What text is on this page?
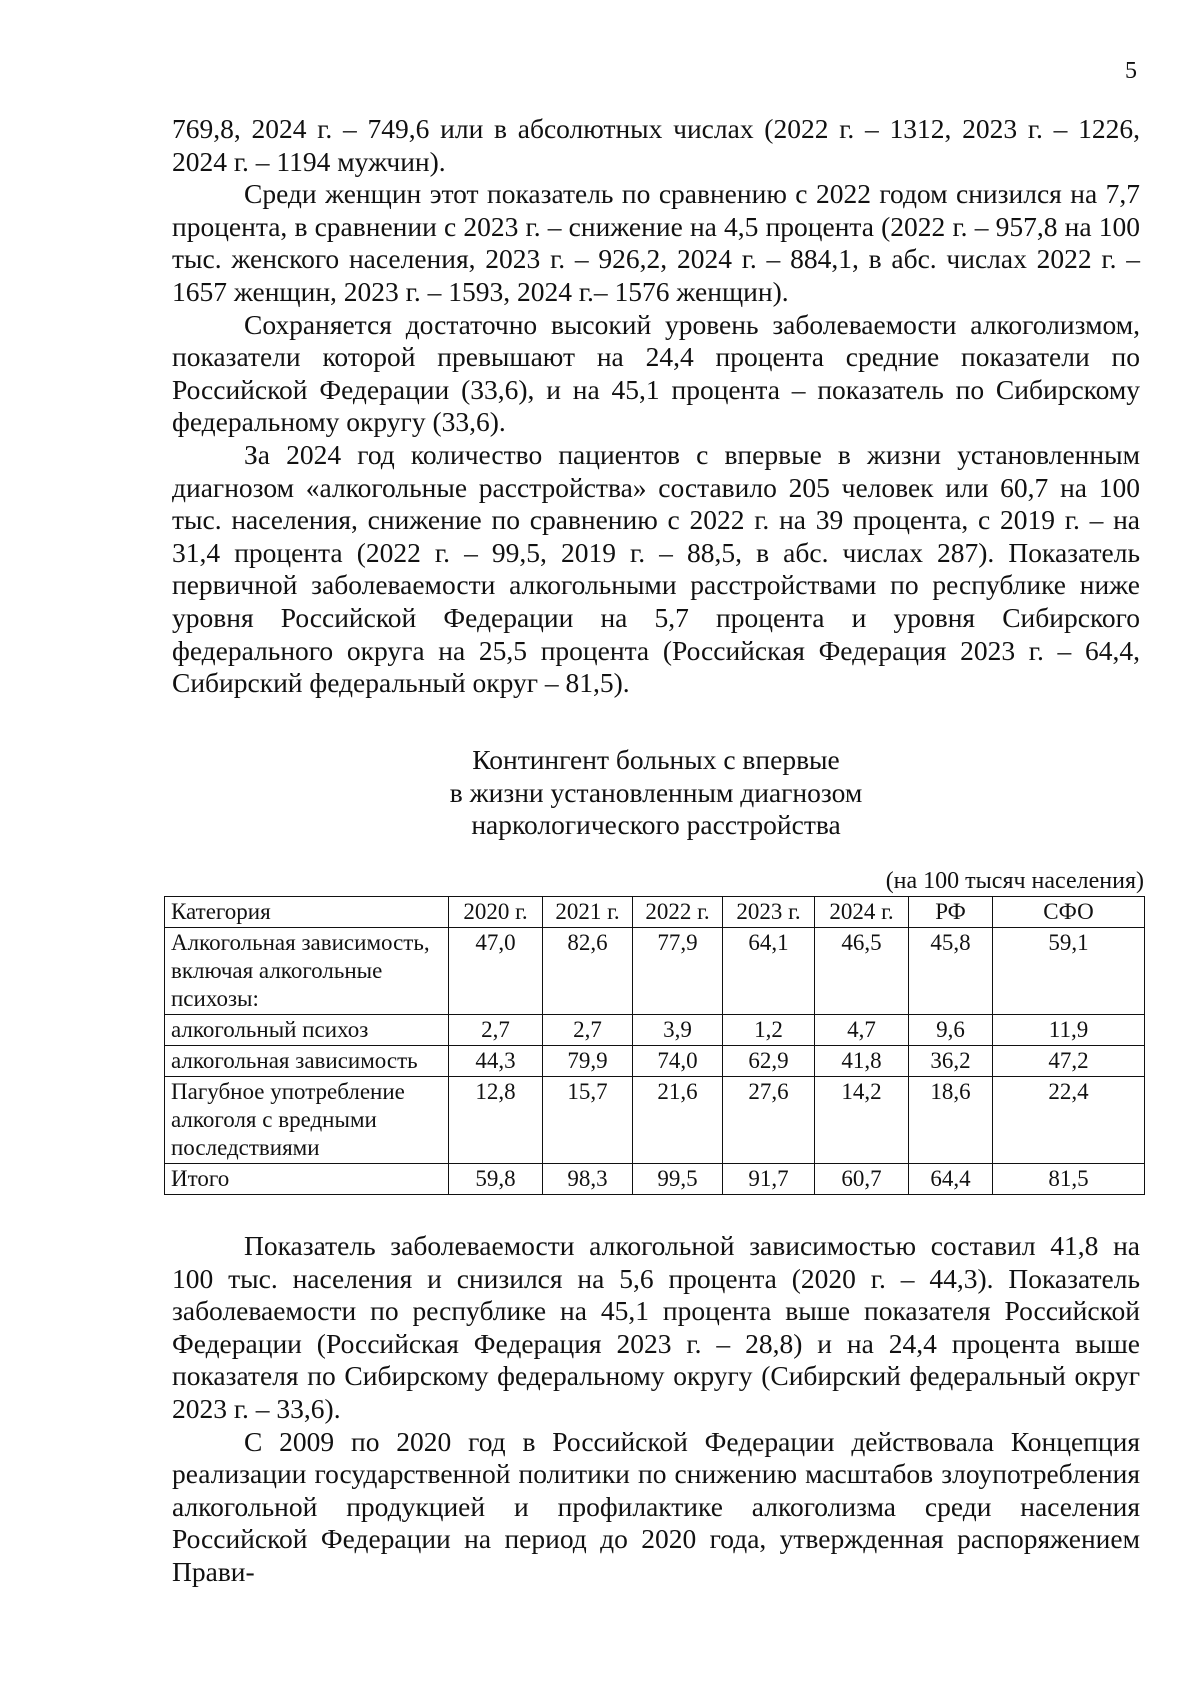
5

769,8, 2024 г. – 749,6 или в абсолютных числах (2022 г. – 1312, 2023 г. – 1226, 2024 г. – 1194 мужчин).

Среди женщин этот показатель по сравнению с 2022 годом снизился на 7,7 процента, в сравнении с 2023 г. – снижение на 4,5 процента (2022 г. – 957,8 на 100 тыс. женского населения, 2023 г. – 926,2, 2024 г. – 884,1, в абс. числах 2022 г. – 1657 женщин, 2023 г. – 1593, 2024 г.– 1576 женщин).

Сохраняется достаточно высокий уровень заболеваемости алкоголизмом, показатели которой превышают на 24,4 процента средние показатели по Российской Федерации (33,6), и на 45,1 процента – показатель по Сибирскому федеральному округу (33,6).

За 2024 год количество пациентов с впервые в жизни установленным диагнозом «алкогольные расстройства» составило 205 человек или 60,7 на 100 тыс. населения, снижение по сравнению с 2022 г. на 39 процента, с 2019 г. – на 31,4 процента (2022 г. – 99,5, 2019 г. – 88,5, в абс. числах 287). Показатель первичной заболеваемости алкогольными расстройствами по республике ниже уровня Российской Федерации на 5,7 процента и уровня Сибирского федерального округа на 25,5 процента (Российская Федерация 2023 г. – 64,4, Сибирский федеральный округ – 81,5).

Контингент больных с впервые
в жизни установленным диагнозом
наркологического расстройства
(на 100 тысяч населения)
Категория	2020 г.	2021 г.	2022 г.	2023 г.	2024 г.	РФ	СФО
Алкогольная зависимость, включая алкогольные психозы:	47,0	82,6	77,9	64,1	46,5	45,8	59,1
алкогольный психоз	2,7	2,7	3,9	1,2	4,7	9,6	11,9
алкогольная зависимость	44,3	79,9	74,0	62,9	41,8	36,2	47,2
Пагубное употребление алкоголя с вредными последствиями	12,8	15,7	21,6	27,6	14,2	18,6	22,4
Итого	59,8	98,3	99,5	91,7	60,7	64,4	81,5

Показатель заболеваемости алкогольной зависимостью составил 41,8 на 100 тыс. населения и снизился на 5,6 процента (2020 г. – 44,3). Показатель заболеваемости по республике на 45,1 процента выше показателя Российской Федерации (Российская Федерация 2023 г. – 28,8) и на 24,4 процента выше показателя по Сибирскому федеральному округу (Сибирский федеральный округ 2023 г. – 33,6).

С 2009 по 2020 год в Российской Федерации действовала Концепция реализации государственной политики по снижению масштабов злоупотребления алкогольной продукцией и профилактике алкоголизма среди населения Российской Федерации на период до 2020 года, утвержденная распоряжением Прави-
